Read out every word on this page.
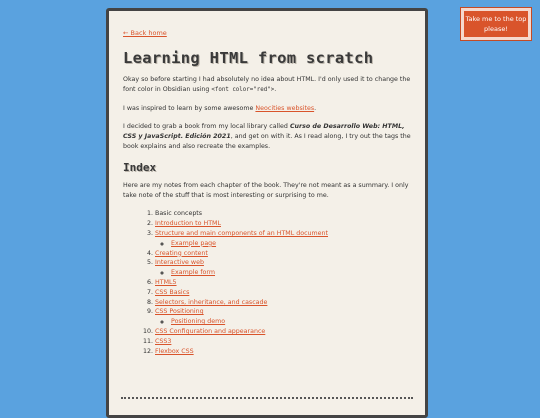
← Back home
Learning HTML from scratch

Okay so before starting I had absolutely no idea about HTML. I'd only used it to change the font color in Obsidian using <font color="red">.

I was inspired to learn by some awesome Neocities websites.

I decided to grab a book from my local library called Curso de Desarrollo Web: HTML, CSS y JavaScript. Edición 2021, and get on with it. As I read along, I try out the tags the book explains and also recreate the examples.

Index

Here are my notes from each chapter of the book. They're not meant as a summary. I only take note of the stuff that is most interesting or surprising to me.

1. Basic concepts
2. Introduction to HTML
3. Structure and main components of an HTML document
◦ Example page
4. Creating content
5. Interactive web
◦ Example form
6. HTML5
7. CSS Basics
8. Selectors, inheritance, and cascade
9. CSS Positioning
◦ Positioning demo
10. CSS Configuration and appearance
11. CSS3
12. Flexbox CSS
Take me to the top please!
